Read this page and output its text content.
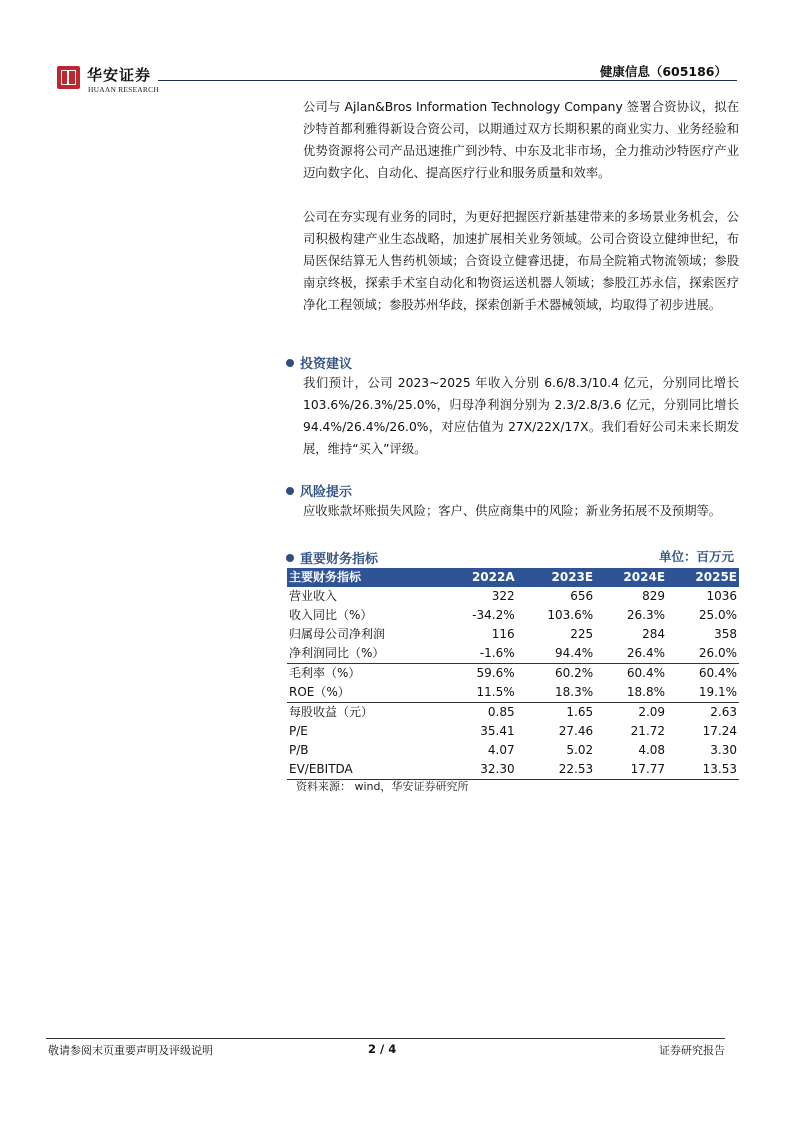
华安证券
HUAAN RESEARCH
健康信息（605186）

公司与 Ajlan&Bros Information Technology Company 签署合资协议，拟在沙特首都利雅得新设合资公司，以期通过双方长期积累的商业实力、业务经验和优势资源将公司产品迅速推广到沙特、中东及北非市场，全力推动沙特医疗产业迈向数字化、自动化、提高医疗行业和服务质量和效率。

公司在夯实现有业务的同时，为更好把握医疗新基建带来的多场景业务机会，公司积极构建产业生态战略，加速扩展相关业务领域。公司合资设立健绅世纪，布局医保结算无人售药机领域；合资设立健睿迅捷，布局全院箱式物流领域；参股南京终极，探索手术室自动化和物资运送机器人领域；参股江苏永信，探索医疗净化工程领域；参股苏州华歧，探索创新手术器械领域，均取得了初步进展。

投资建议

我们预计，公司 2023~2025 年收入分别 6.6/8.3/10.4 亿元，分别同比增长 103.6%/26.3%/25.0%，归母净利润分别为 2.3/2.8/3.6 亿元，分别同比增长 94.4%/26.4%/26.0%，对应估值为 27X/22X/17X。我们看好公司未来长期发展，维持“买入”评级。

风险提示

应收账款坏账损失风险；客户、供应商集中的风险；新业务拓展不及预期等。

重要财务指标	单位：百万元
主要财务指标	2022A	2023E	2024E	2025E
营业收入	322	656	829	1036
收入同比（%）	-34.2%	103.6%	26.3%	25.0%
归属母公司净利润	116	225	284	358
净利润同比（%）	-1.6%	94.4%	26.4%	26.0%
毛利率（%）	59.6%	60.2%	60.4%	60.4%
ROE（%）	11.5%	18.3%	18.8%	19.1%
每股收益（元）	0.85	1.65	2.09	2.63
P/E	35.41	27.46	21.72	17.24
P/B	4.07	5.02	4.08	3.30
EV/EBITDA	32.30	22.53	17.77	13.53
资料来源： wind，华安证券研究所
敬请参阅末页重要声明及评级说明	2 / 4	证券研究报告
